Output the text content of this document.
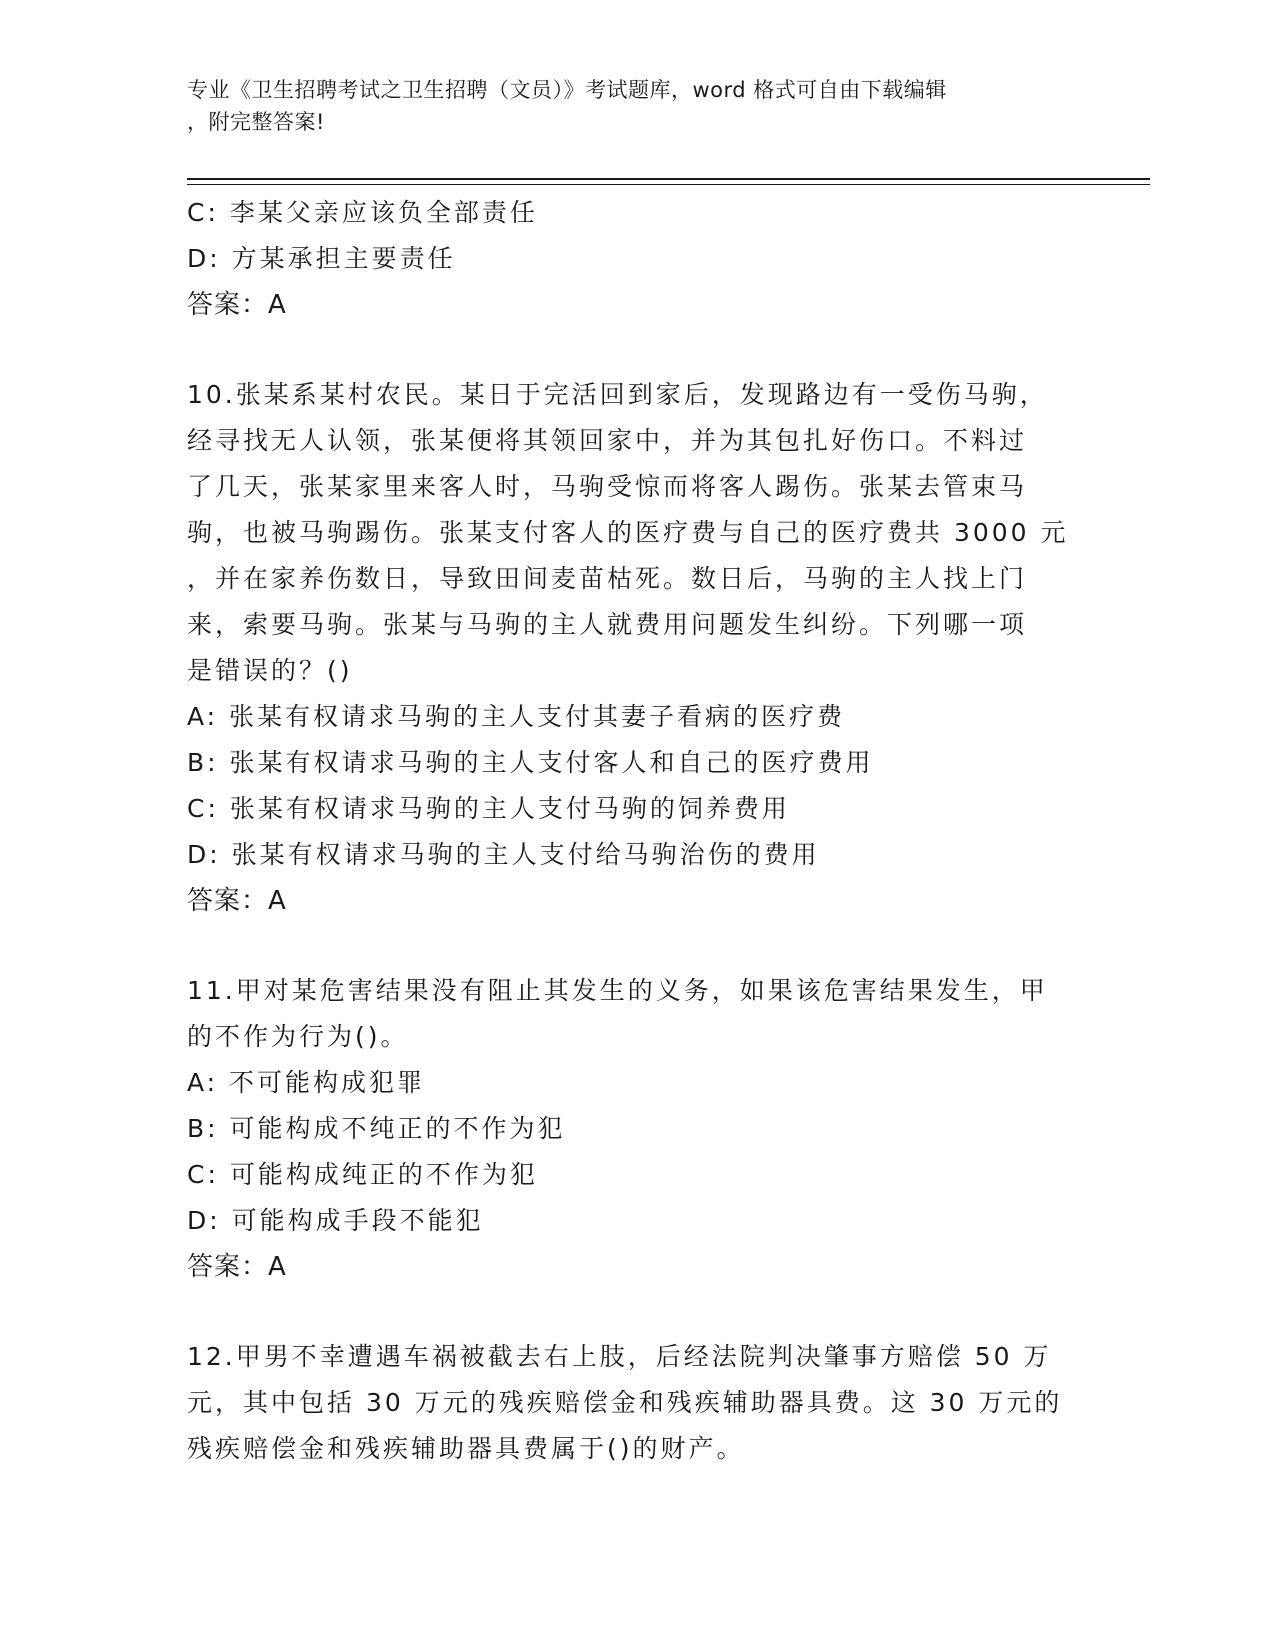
专业《卫生招聘考试之卫生招聘（文员）》考试题库，word 格式可自由下载编辑
，附完整答案!
C: 李某父亲应该负全部责任
D: 方某承担主要责任
答案：A
10.张某系某村农民。某日于完活回到家后，发现路边有一受伤马驹，
经寻找无人认领，张某便将其领回家中，并为其包扎好伤口。不料过
了几天，张某家里来客人时，马驹受惊而将客人踢伤。张某去管束马
驹，也被马驹踢伤。张某支付客人的医疗费与自己的医疗费共 3000 元
，并在家养伤数日，导致田间麦苗枯死。数日后，马驹的主人找上门
来，索要马驹。张某与马驹的主人就费用问题发生纠纷。下列哪一项
是错误的？()
A: 张某有权请求马驹的主人支付其妻子看病的医疗费
B: 张某有权请求马驹的主人支付客人和自己的医疗费用
C: 张某有权请求马驹的主人支付马驹的饲养费用
D: 张某有权请求马驹的主人支付给马驹治伤的费用
答案：A
11.甲对某危害结果没有阻止其发生的义务，如果该危害结果发生，甲
的不作为行为()。
A: 不可能构成犯罪
B: 可能构成不纯正的不作为犯
C: 可能构成纯正的不作为犯
D: 可能构成手段不能犯
答案：A
12.甲男不幸遭遇车祸被截去右上肢，后经法院判决肇事方赔偿 50 万
元，其中包括 30 万元的残疾赔偿金和残疾辅助器具费。这 30 万元的
残疾赔偿金和残疾辅助器具费属于()的财产。
